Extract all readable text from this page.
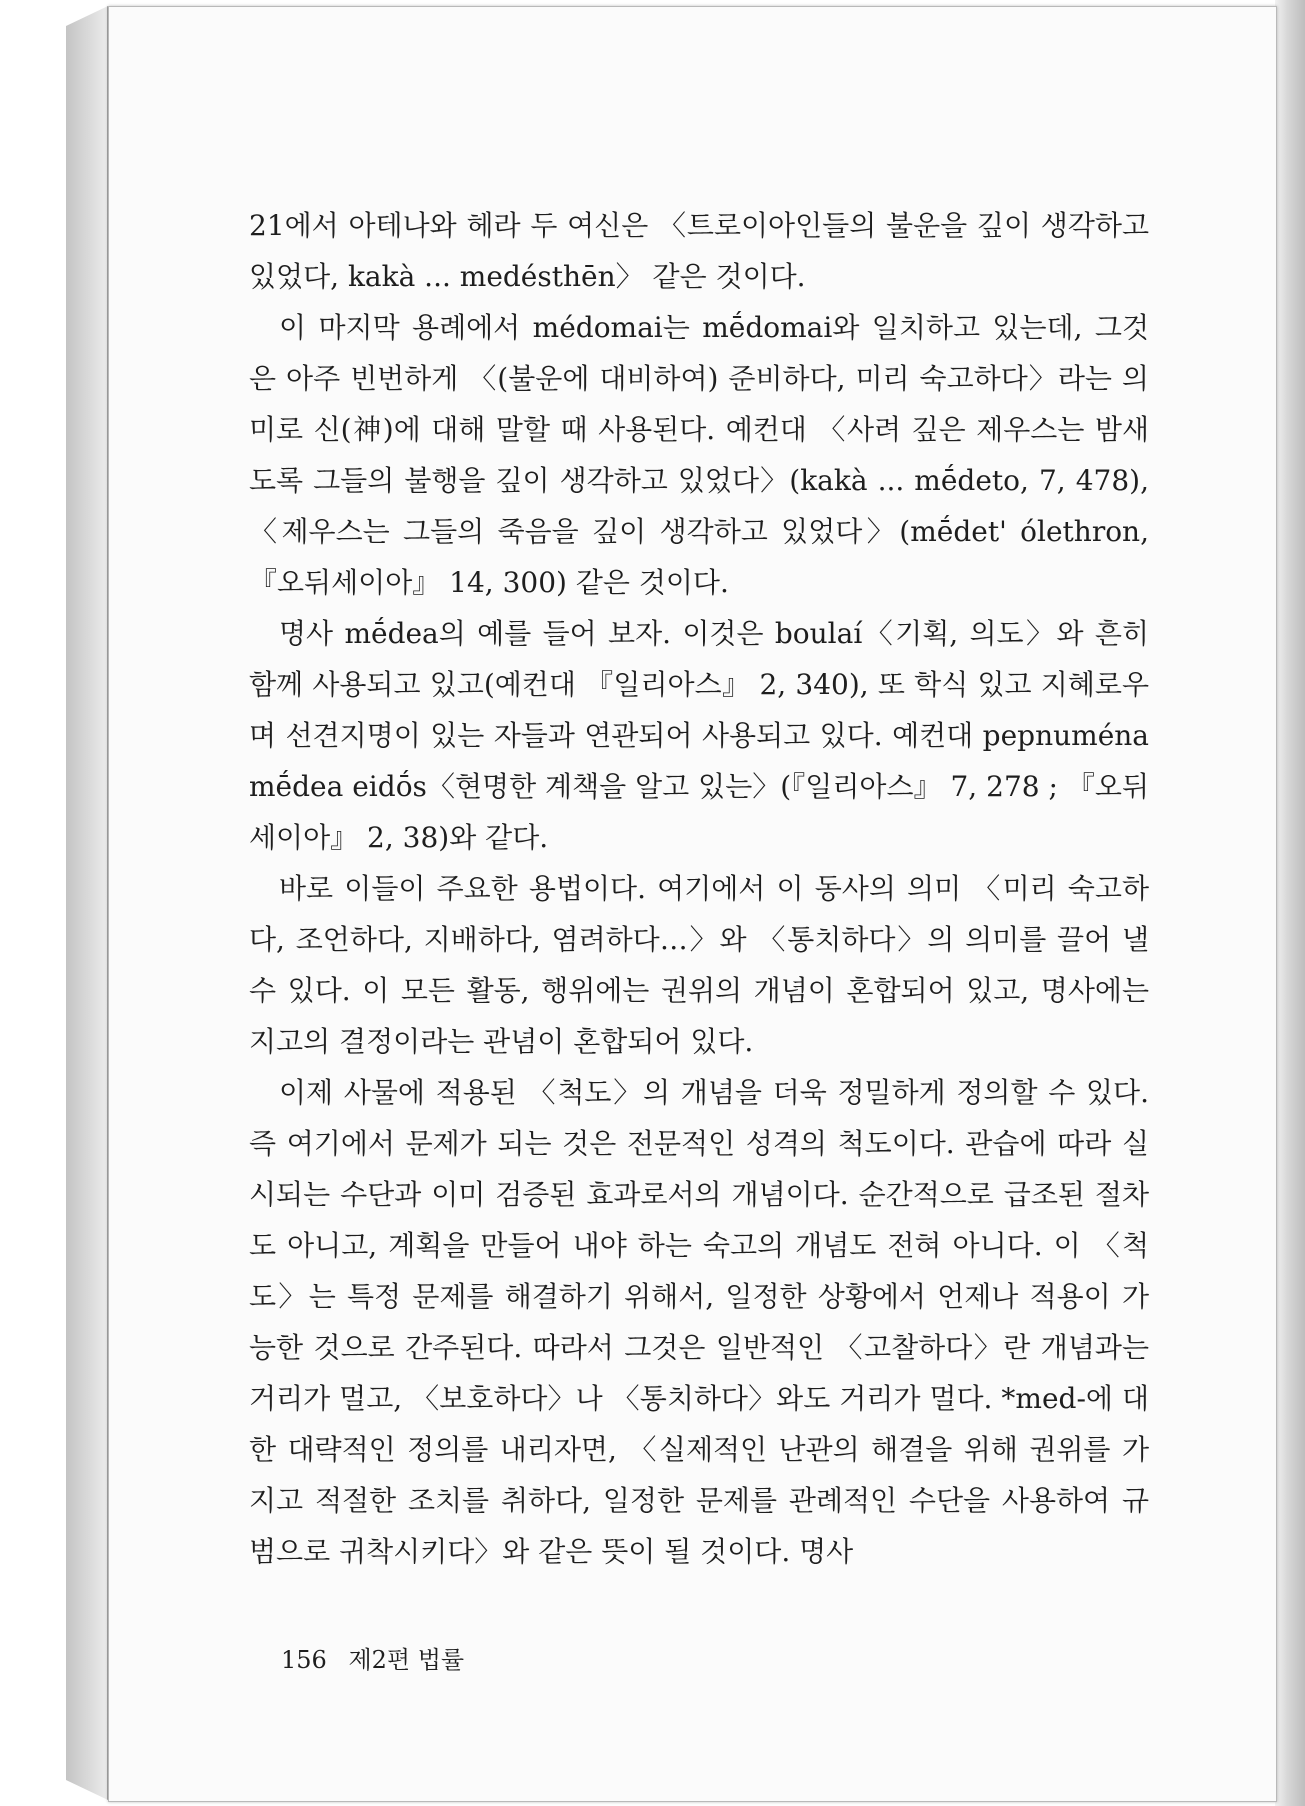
21에서 아테나와 헤라 두 여신은 〈트로이아인들의 불운을 깊이 생각하고 있었다, kakà ... medésthēn〉 같은 것이다.

이 마지막 용례에서 médomai는 mḗdomai와 일치하고 있는데, 그것은 아주 빈번하게 〈(불운에 대비하여) 준비하다, 미리 숙고하다〉라는 의미로 신(神)에 대해 말할 때 사용된다. 예컨대 〈사려 깊은 제우스는 밤새도록 그들의 불행을 깊이 생각하고 있었다〉(kakà ... mḗdeto, 7, 478), 〈제우스는 그들의 죽음을 깊이 생각하고 있었다〉(mḗdet' ólethron, 『오뒤세이아』 14, 300) 같은 것이다.

명사 mḗdea의 예를 들어 보자. 이것은 boulaí〈기획, 의도〉와 흔히 함께 사용되고 있고(예컨대 『일리아스』 2, 340), 또 학식 있고 지혜로우며 선견지명이 있는 자들과 연관되어 사용되고 있다. 예컨대 pepnuména mḗdea eidṓs〈현명한 계책을 알고 있는〉(『일리아스』 7, 278 ; 『오뒤세이아』 2, 38)와 같다.

바로 이들이 주요한 용법이다. 여기에서 이 동사의 의미 〈미리 숙고하다, 조언하다, 지배하다, 염려하다…〉와 〈통치하다〉의 의미를 끌어 낼 수 있다. 이 모든 활동, 행위에는 권위의 개념이 혼합되어 있고, 명사에는 지고의 결정이라는 관념이 혼합되어 있다.

이제 사물에 적용된 〈척도〉의 개념을 더욱 정밀하게 정의할 수 있다. 즉 여기에서 문제가 되는 것은 전문적인 성격의 척도이다. 관습에 따라 실시되는 수단과 이미 검증된 효과로서의 개념이다. 순간적으로 급조된 절차도 아니고, 계획을 만들어 내야 하는 숙고의 개념도 전혀 아니다. 이 〈척도〉는 특정 문제를 해결하기 위해서, 일정한 상황에서 언제나 적용이 가능한 것으로 간주된다. 따라서 그것은 일반적인 〈고찰하다〉란 개념과는 거리가 멀고, 〈보호하다〉나 〈통치하다〉와도 거리가 멀다. *med-에 대한 대략적인 정의를 내리자면, 〈실제적인 난관의 해결을 위해 권위를 가지고 적절한 조치를 취하다, 일정한 문제를 관례적인 수단을 사용하여 규범으로 귀착시키다〉와 같은 뜻이 될 것이다. 명사

156 제2편 법률
